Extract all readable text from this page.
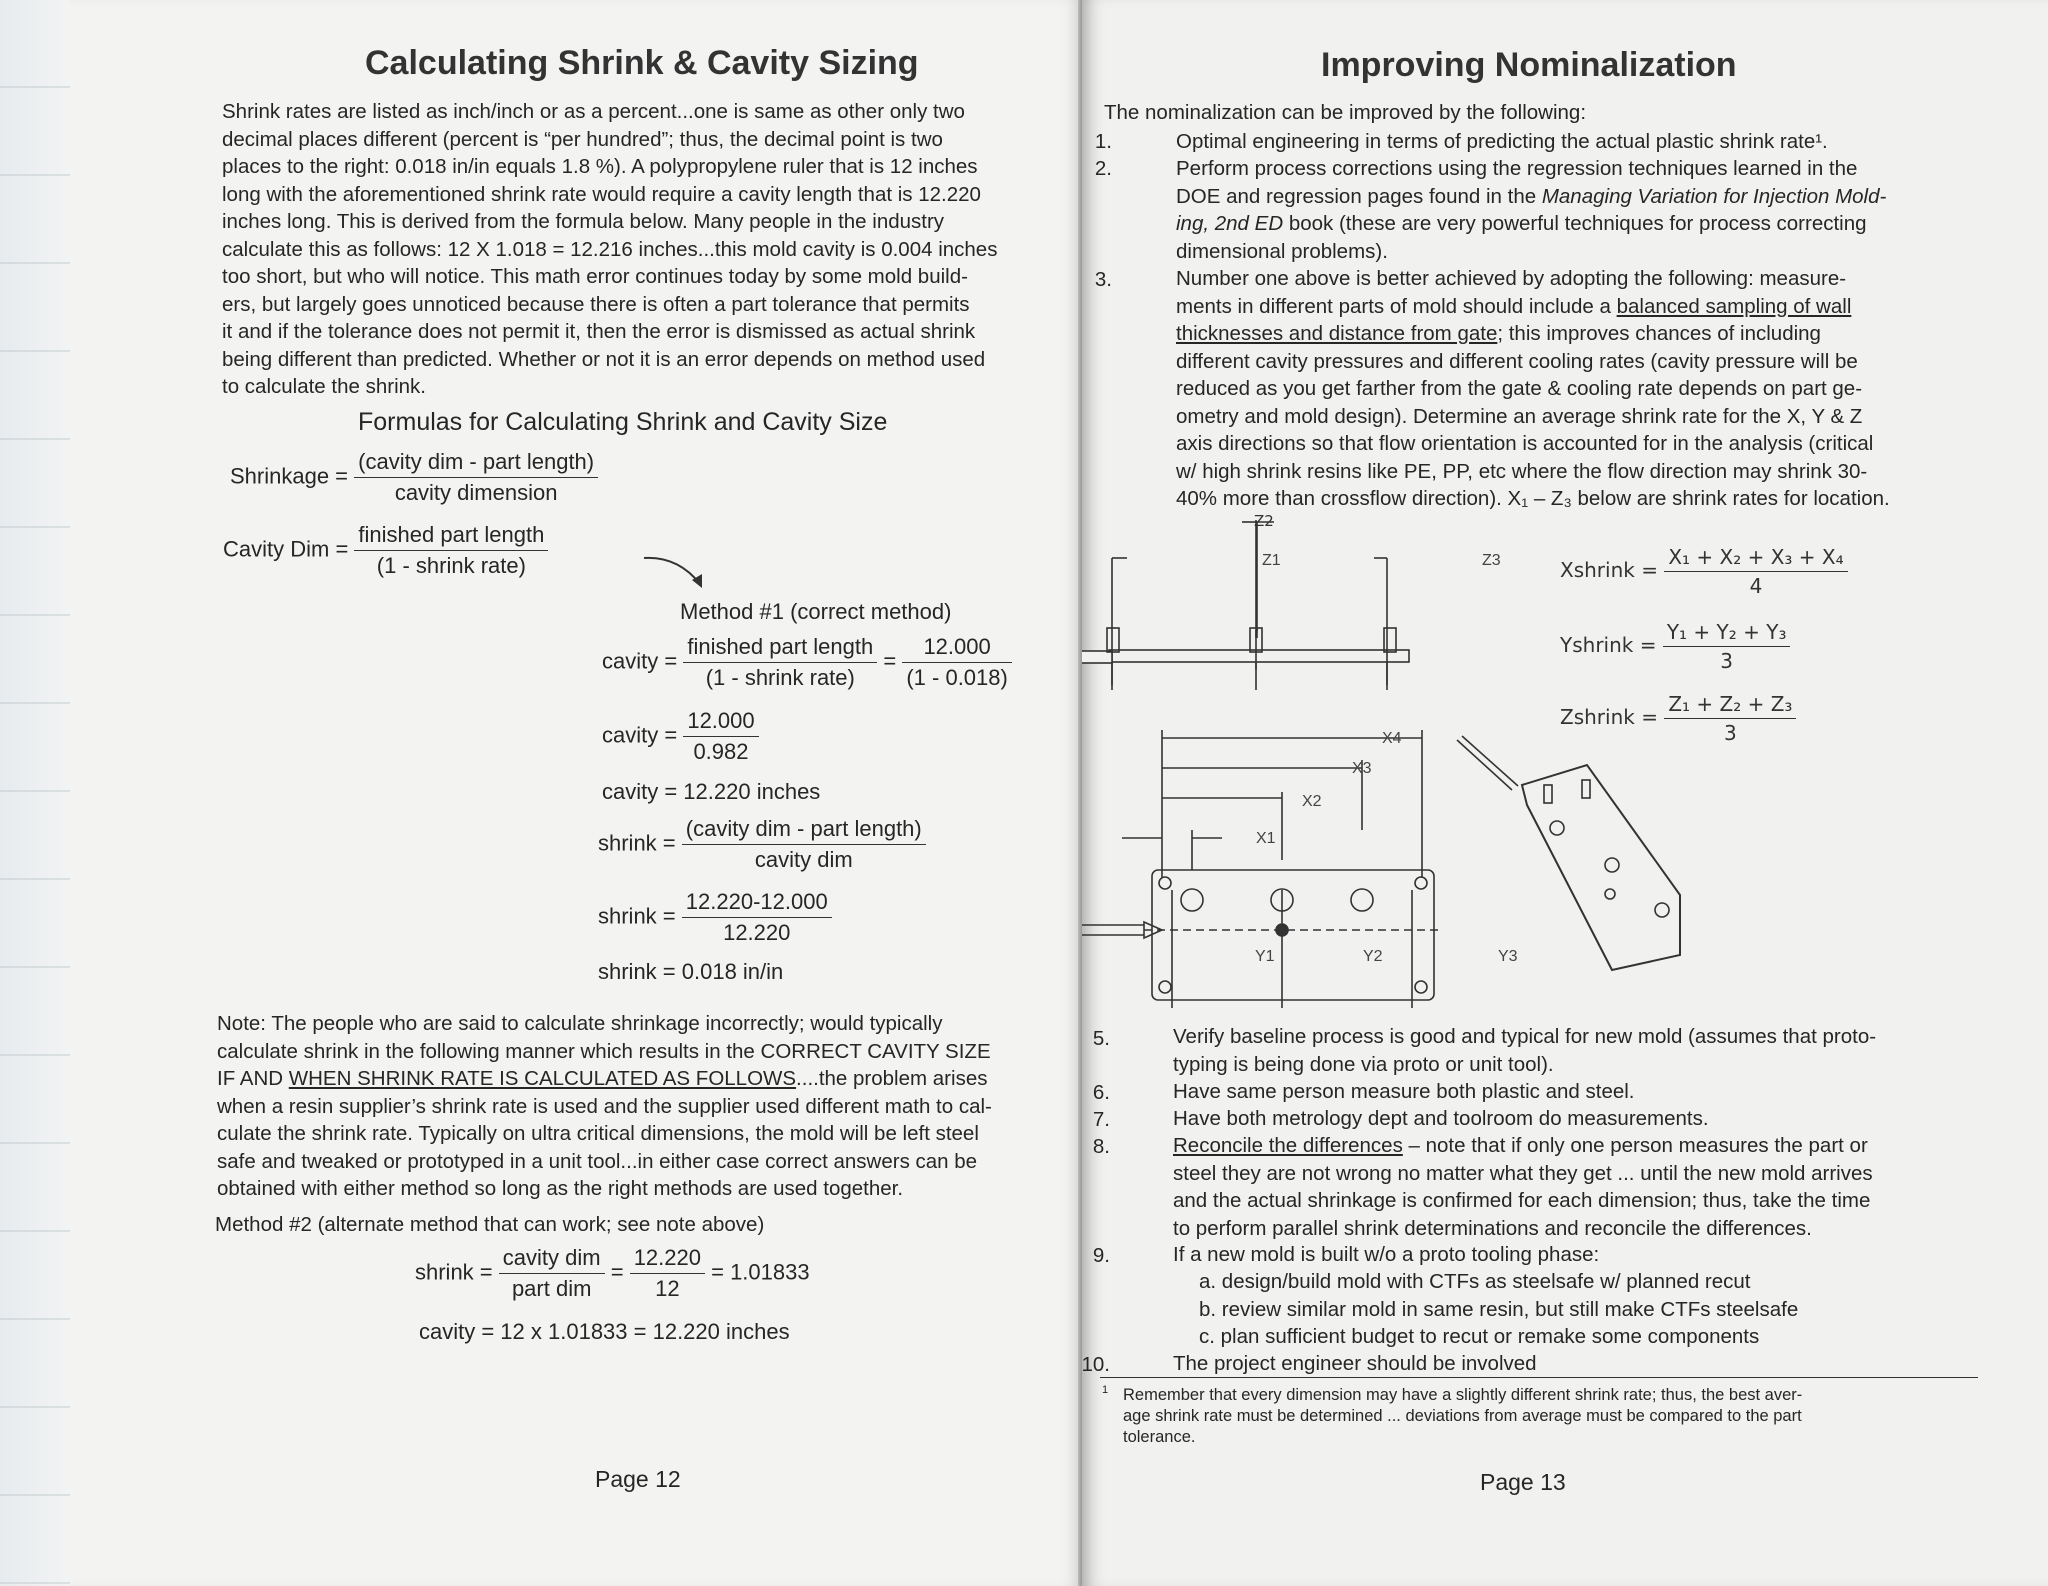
Calculating Shrink & Cavity Sizing
Shrink rates are listed as inch/inch or as a percent...one is same as other only two
decimal places different (percent is “per hundred”; thus, the decimal point is two
places to the right: 0.018 in/in equals 1.8 %). A polypropylene ruler that is 12 inches
long with the aforementioned shrink rate would require a cavity length that is 12.220
inches long. This is derived from the formula below. Many people in the industry
calculate this as follows: 12 X 1.018 = 12.216 inches...this mold cavity is 0.004 inches
too short, but who will notice. This math error continues today by some mold build-
ers, but largely goes unnoticed because there is often a part tolerance that permits
it and if the tolerance does not permit it, then the error is dismissed as actual shrink
being different than predicted. Whether or not it is an error depends on method used
to calculate the shrink.
Formulas for Calculating Shrink and Cavity Size
Shrinkage = $\frac{\text{(cavity dim - part length)}}{\text{cavity dimension}}$
Cavity Dim = $\frac{\text{finished part length}}{\text{(1 - shrink rate)}}$
Method #1 (correct method)
cavity = $\frac{\text{finished part length}}{\text{(1 - shrink rate)}} = \frac{12.000}{(1 - 0.018)}$
cavity = $\frac{12.000}{0.982}$
cavity = 12.220 inches
shrink = $\frac{\text{(cavity dim - part length)}}{\text{cavity dim}}$
shrink = $\frac{12.220-12.000}{12.220}$
shrink = 0.018 in/in
Note: The people who are said to calculate shrinkage incorrectly; would typically
calculate shrink in the following manner which results in the CORRECT CAVITY SIZE
IF AND WHEN SHRINK RATE IS CALCULATED AS FOLLOWS....the problem arises
when a resin supplier’s shrink rate is used and the supplier used different math to cal-
culate the shrink rate. Typically on ultra critical dimensions, the mold will be left steel
safe and tweaked or prototyped in a unit tool...in either case correct answers can be
obtained with either method so long as the right methods are used together.
Method #2 (alternate method that can work; see note above)
shrink = $\frac{\text{cavity dim}}{\text{part dim}} = \frac{12.220}{12} = 1.01833$
cavity = 12 x 1.01833 = 12.220 inches
Page 12
Improving Nominalization
The nominalization can be improved by the following:
1.	Optimal engineering in terms of predicting the actual plastic shrink rate¹.
2.	Perform process corrections using the regression techniques learned in the
DOE and regression pages found in the Managing Variation for Injection Mold-
ing, 2nd ED book (these are very powerful techniques for process correcting
dimensional problems).
3.	Number one above is better achieved by adopting the following: measure-
ments in different parts of mold should include a balanced sampling of wall
thicknesses and distance from gate; this improves chances of including
different cavity pressures and different cooling rates (cavity pressure will be
reduced as you get farther from the gate & cooling rate depends on part ge-
ometry and mold design). Determine an average shrink rate for the X, Y & Z
axis directions so that flow orientation is accounted for in the analysis (critical
w/ high shrink resins like PE, PP, etc where the flow direction may shrink 30-
40% more than crossflow direction). X₁ – Z₃ below are shrink rates for location.
Z2
Z1	Z3
X4
X3
X2
X1
Y1	Y2	Y3
Xshrink = $\frac{\text{X₁ + X₂ + X₃ + X₄}}{4}$
Yshrink = $\frac{\text{Y₁ + Y₂ + Y₃}}{3}$
Zshrink = $\frac{\text{Z₁ + Z₂ + Z₃}}{3}$
5.	Verify baseline process is good and typical for new mold (assumes that proto-
typing is being done via proto or unit tool).
6.	Have same person measure both plastic and steel.
7.	Have both metrology dept and toolroom do measurements.
8.	Reconcile the differences – note that if only one person measures the part or
steel they are not wrong no matter what they get ... until the new mold arrives
and the actual shrinkage is confirmed for each dimension; thus, take the time
to perform parallel shrink determinations and reconcile the differences.
9.	If a new mold is built w/o a proto tooling phase:
a. design/build mold with CTFs as steelsafe w/ planned recut
b. review similar mold in same resin, but still make CTFs steelsafe
c. plan sufficient budget to recut or remake some components
10.	The project engineer should be involved
1 Remember that every dimension may have a slightly different shrink rate; thus, the best aver-
age shrink rate must be determined ... deviations from average must be compared to the part
tolerance.
Page 13
